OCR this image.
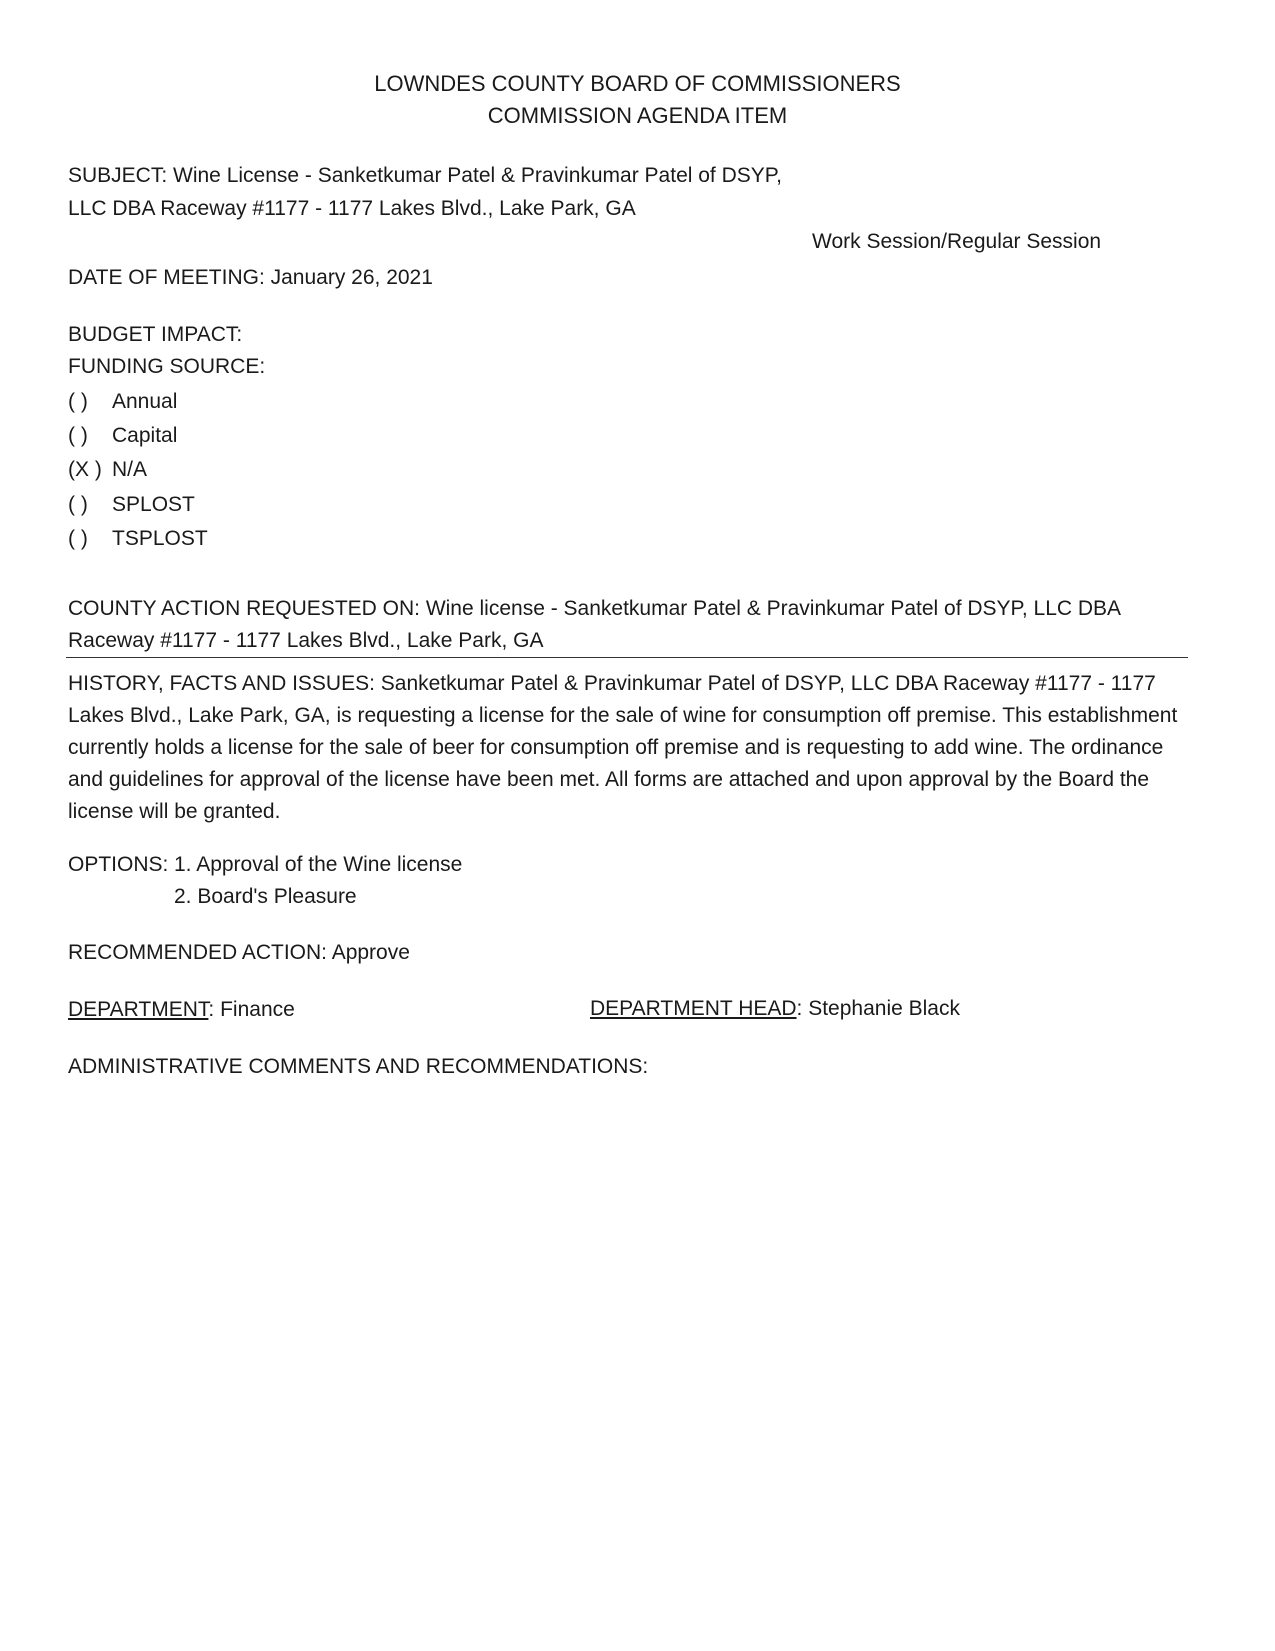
LOWNDES COUNTY BOARD OF COMMISSIONERS
COMMISSION AGENDA ITEM
SUBJECT: Wine License - Sanketkumar Patel & Pravinkumar Patel of DSYP,
LLC DBA Raceway #1177 - 1177 Lakes Blvd., Lake Park, GA
Work Session/Regular Session
DATE OF MEETING: January 26, 2021
BUDGET IMPACT:
FUNDING SOURCE:
( ) Annual
( ) Capital
(X ) N/A
( ) SPLOST
( ) TSPLOST
COUNTY ACTION REQUESTED ON: Wine license - Sanketkumar Patel & Pravinkumar Patel of DSYP, LLC DBA
Raceway #1177 - 1177 Lakes Blvd., Lake Park, GA
HISTORY, FACTS AND ISSUES: Sanketkumar Patel & Pravinkumar Patel of DSYP, LLC DBA Raceway #1177 - 1177 Lakes Blvd., Lake Park, GA, is requesting a license for the sale of wine for consumption off premise. This establishment currently holds a license for the sale of beer for consumption off premise and is requesting to add wine. The ordinance and guidelines for approval of the license have been met. All forms are attached and upon approval by the Board the license will be granted.
OPTIONS: 1. Approval of the Wine license
2. Board's Pleasure
RECOMMENDED ACTION: Approve
DEPARTMENT: Finance	DEPARTMENT HEAD: Stephanie Black
ADMINISTRATIVE COMMENTS AND RECOMMENDATIONS:
